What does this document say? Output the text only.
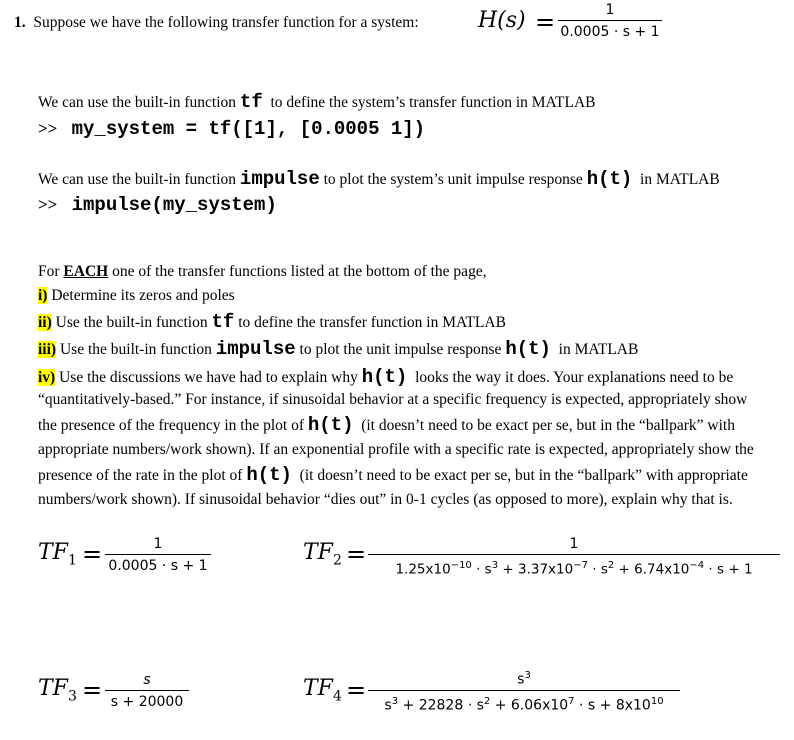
1. Suppose we have the following transfer function for a system:	H(s) =	1
0.0005 · s + 1
We can use the built-in function tf to define the system’s transfer function in MATLAB
>> my_system = tf([1], [0.0005 1])
We can use the built-in function impulse to plot the system’s unit impulse response h(t) in MATLAB
>> impulse(my_system)
For EACH one of the transfer functions listed at the bottom of the page,
i) Determine its zeros and poles
ii) Use the built-in function tf to define the transfer function in MATLAB
iii) Use the built-in function impulse to plot the unit impulse response h(t) in MATLAB
iv) Use the discussions we have had to explain why h(t) looks the way it does. Your explanations need to be
“quantitatively-based.” For instance, if sinusoidal behavior at a specific frequency is expected, appropriately show
the presence of the frequency in the plot of h(t) (it doesn’t need to be exact per se, but in the “ballpark” with
appropriate numbers/work shown). If an exponential profile with a specific rate is expected, appropriately show the
presence of the rate in the plot of h(t) (it doesn’t need to be exact per se, but in the “ballpark” with appropriate
numbers/work shown). If sinusoidal behavior “dies out” in 0-1 cycles (as opposed to more), explain why that is.
$TF_1$ =	1
0.0005 · s + 1
$TF_2$ =	1
$1.25x10^{-10} \cdot s^3 + 3.37x10^{-7} \cdot s^2 + 6.74x10^{-4} \cdot s + 1$
$TF_3$ =	s
s + 20000
$TF_4$ =	$s^3$
$s^3 + 22828 \cdot s^2 + 6.06x10^7 \cdot s + 8x10^{10}$
